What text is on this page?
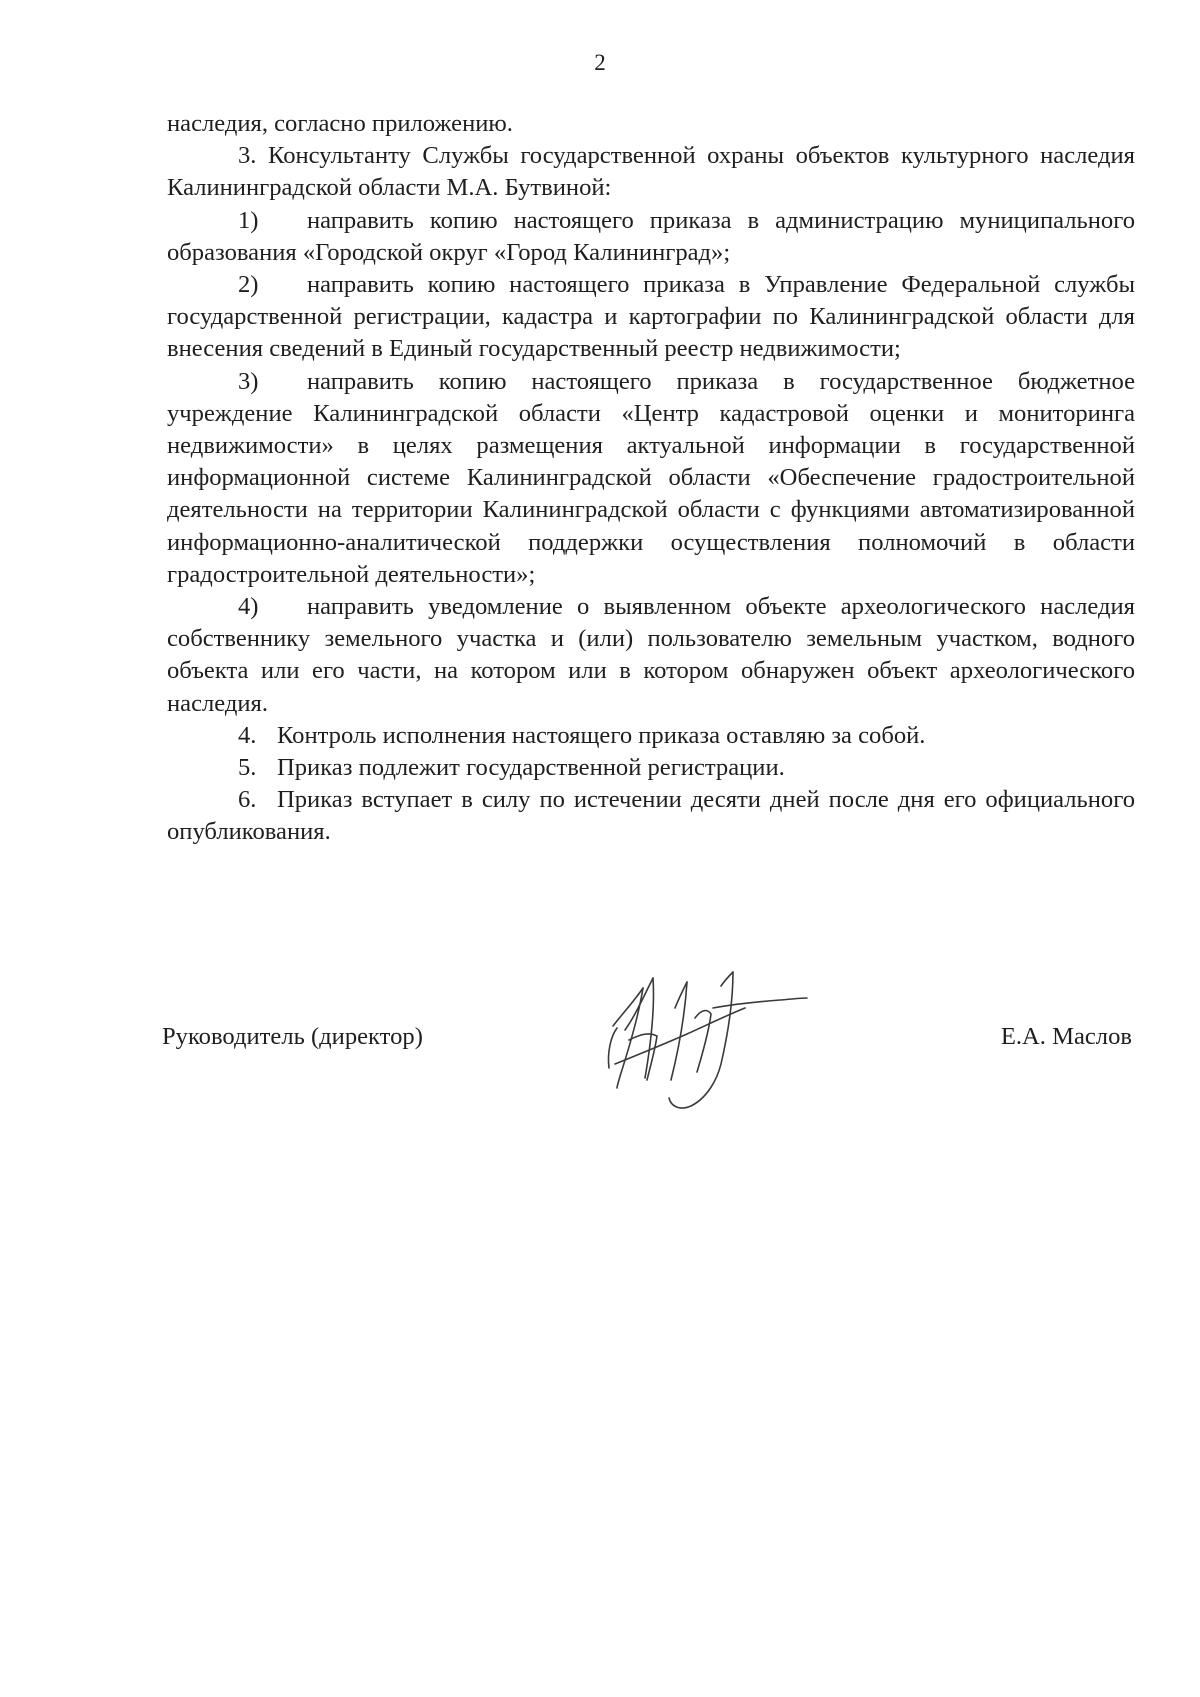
2

наследия, согласно приложению.

3. Консультанту Службы государственной охраны объектов культурного наследия Калининградской области М.А. Бутвиной:

1) направить копию настоящего приказа в администрацию муниципального образования «Городской округ «Город Калининград»;

2) направить копию настоящего приказа в Управление Федеральной службы государственной регистрации, кадастра и картографии по Калининградской области для внесения сведений в Единый государственный реестр недвижимости;

3) направить копию настоящего приказа в государственное бюджетное учреждение Калининградской области «Центр кадастровой оценки и мониторинга недвижимости» в целях размещения актуальной информации в государственной информационной системе Калининградской области «Обеспечение градостроительной деятельности на территории Калининградской области с функциями автоматизированной информационно-аналитической поддержки осуществления полномочий в области градостроительной деятельности»;

4) направить уведомление о выявленном объекте археологического наследия собственнику земельного участка и (или) пользователю земельным участком, водного объекта или его части, на котором или в котором обнаружен объект археологического наследия.

4. Контроль исполнения настоящего приказа оставляю за собой.

5. Приказ подлежит государственной регистрации.

6. Приказ вступает в силу по истечении десяти дней после дня его официального опубликования.

Руководитель (директор)	Е.А. Маслов
